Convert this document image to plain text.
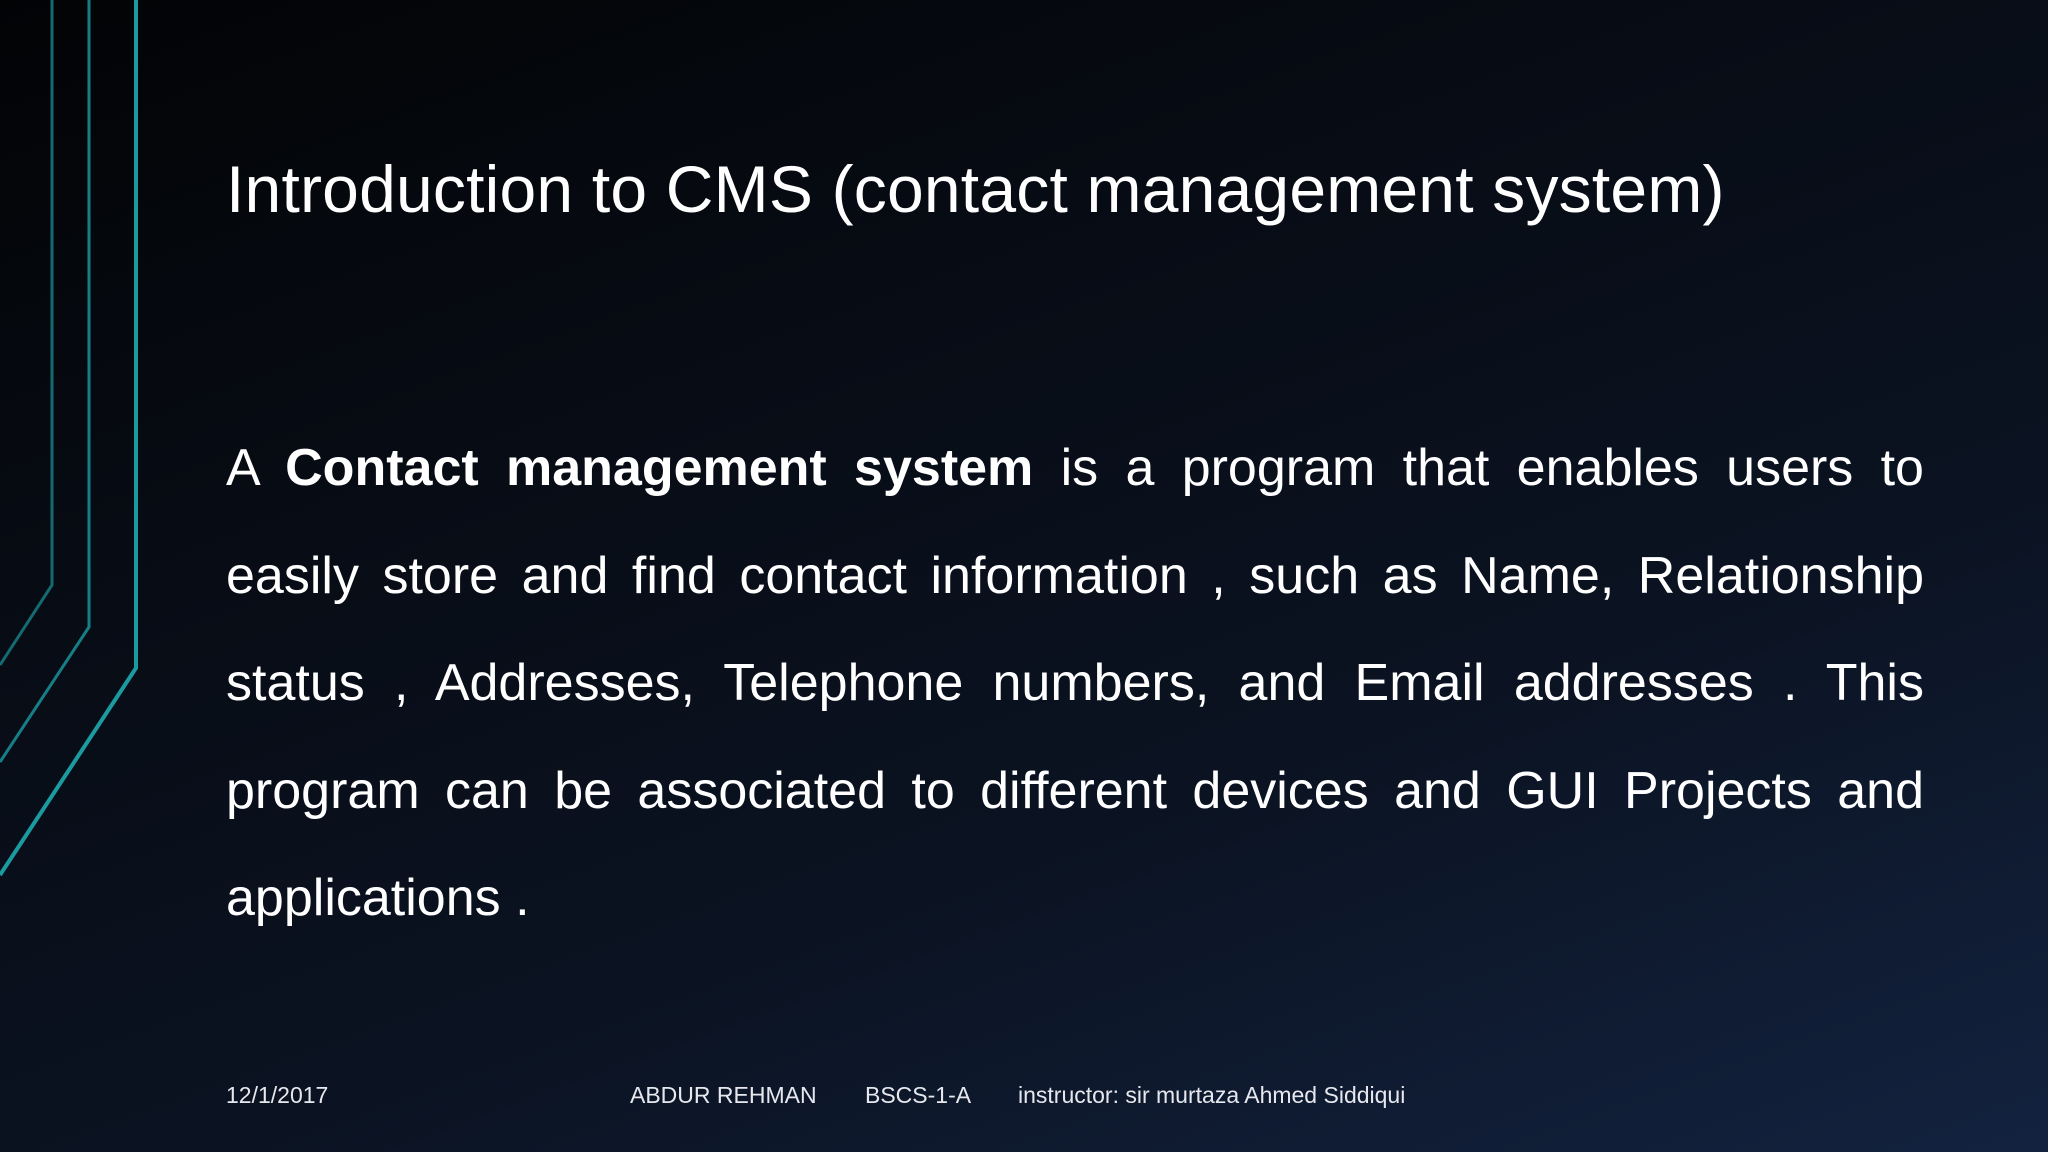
Introduction to CMS (contact management system)

A Contact management system is a program that enables users to easily store and find contact information , such as Name, Relationship status , Addresses, Telephone numbers, and Email addresses . This program can be associated to different devices and GUI Projects and applications .

12/1/2017	ABDUR REHMAN BSCS-1-A instructor: sir murtaza Ahmed Siddiqui
